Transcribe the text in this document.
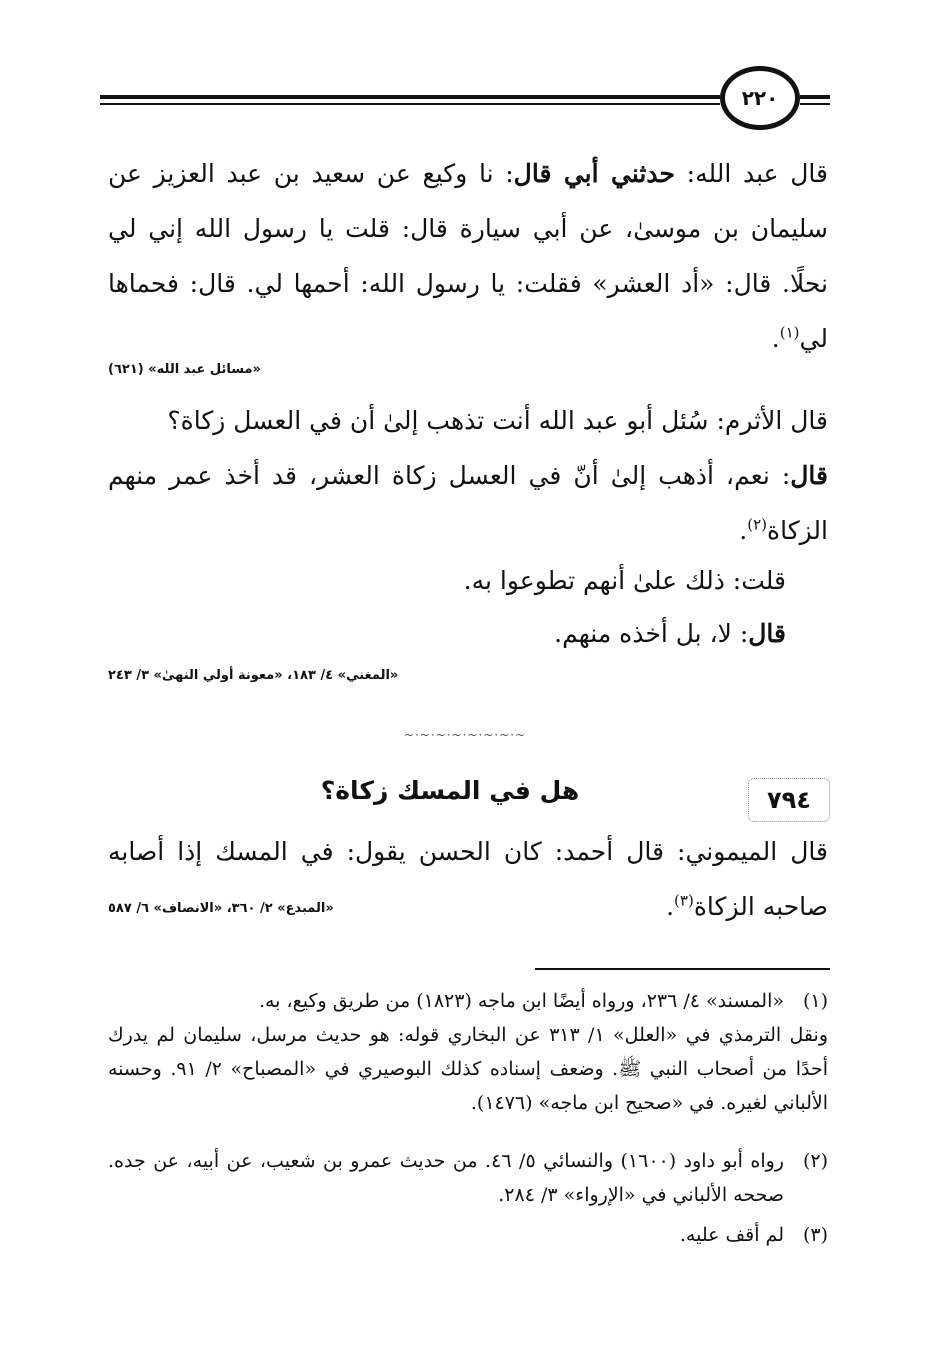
٢٢٠
قال عبد الله: حدثني أبي قال: نا وكيع عن سعيد بن عبد العزيز عن سليمان بن موسىٰ، عن أبي سيارة قال: قلت يا رسول الله إني لي نحلًا. قال: «أد العشر» فقلت: يا رسول الله: أحمها لي. قال: فحماها لي$^{(١)}$.
«مسائل عبد الله» (٦٢١)
قال الأثرم: سُئل أبو عبد الله أنت تذهب إلىٰ أن في العسل زكاة؟
قال: نعم، أذهب إلىٰ أنّ في العسل زكاة العشر، قد أخذ عمر منهم الزكاة$^{(٢)}$.
قلت: ذلك علىٰ أنهم تطوعوا به.
قال: لا، بل أخذه منهم.
«المغني» ٤/ ١٨٣، «معونة أولي النهىٰ» ٣/ ٢٤٣
~·~·~·~·~·~·~·~
٧٩٤
هل في المسك زكاة؟
قال الميموني: قال أحمد: كان الحسن يقول: في المسك إذا أصابه صاحبه الزكاة$^{(٣)}$.
«المبدع» ٢/ ٣٦٠، «الانصاف» ٦/ ٥٨٧
(١)
«المسند» ٤/ ٢٣٦، ورواه أيضًا ابن ماجه (١٨٢٣) من طريق وكيع، به.
ونقل الترمذي في «العلل» ١/ ٣١٣ عن البخاري قوله: هو حديث مرسل، سليمان لم يدرك أحدًا من أصحاب النبي ﷺ. وضعف إسناده كذلك البوصيري في «المصباح» ٢/ ٩١. وحسنه الألباني لغيره. في «صحيح ابن ماجه» (١٤٧٦).
(٢)
رواه أبو داود (١٦٠٠) والنسائي ٥/ ٤٦. من حديث عمرو بن شعيب، عن أبيه، عن جده. صححه الألباني في «الإرواء» ٣/ ٢٨٤.
(٣)
لم أقف عليه.
